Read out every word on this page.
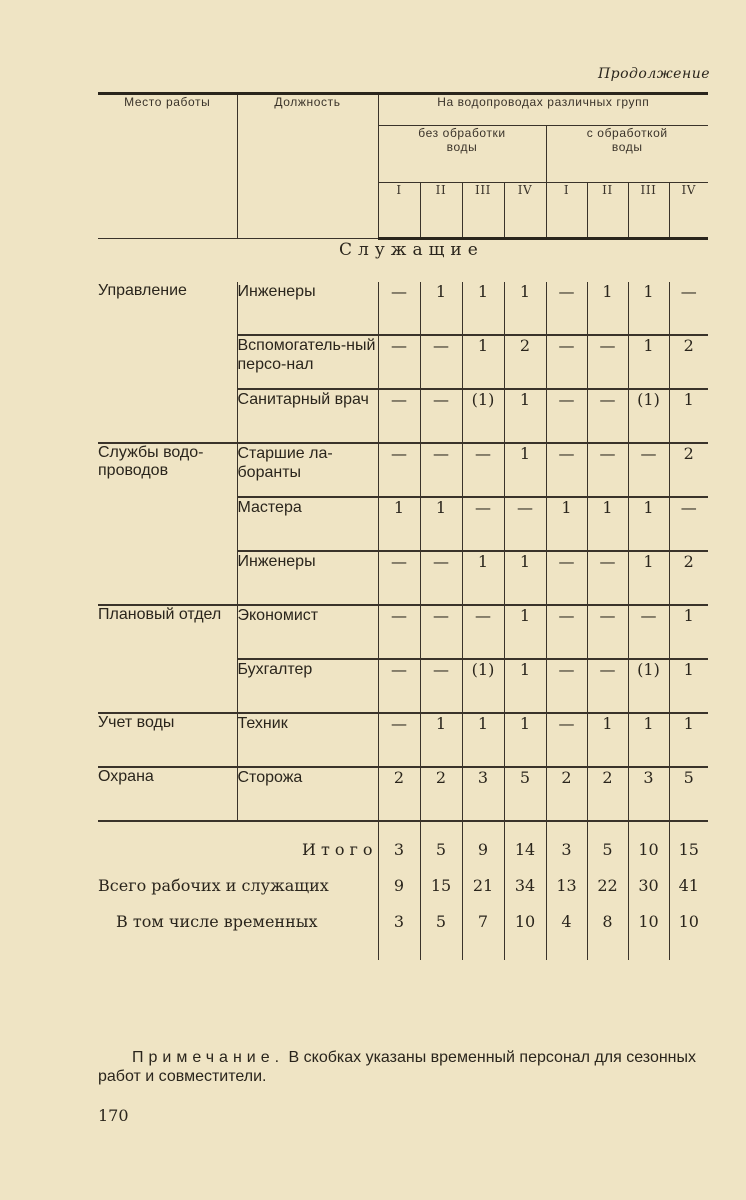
Продолжение
Место работы	Должность	На водопроводах различных групп							
		без обработки воды				с обработкой воды			
		I	II	III	IV	I	II	III	IV
	Служащие								
Управление	Инженеры	—	1	1	1	—	1	1	—
	Вспомогатель-ный персо-нал	—	—	1	2	—	—	1	2
	Санитарный врач	—	—	(1)	1	—	—	(1)	1
Службы водо-проводов	Старшие ла-боранты	—	—	—	1	—	—	—	2
	Мастера	1	1	—	—	1	1	1	—
	Инженеры	—	—	1	1	—	—	1	2
Плановый отдел	Экономист	—	—	—	1	—	—	—	1
	Бухгалтер	—	—	(1)	1	—	—	(1)	1
Учет воды	Техник	—	1	1	1	—	1	1	1
Охрана	Сторожа	2	2	3	5	2	2	3	5
Итого		3	5	9	14	3	5	10	15
Всего рабочих и служащих		9	15	21	34	13	22	30	41
В том числе временных		3	5	7	10	4	8	10	10
Примечание. В скобках указаны временный персонал для сезонных работ и совместители.
170
